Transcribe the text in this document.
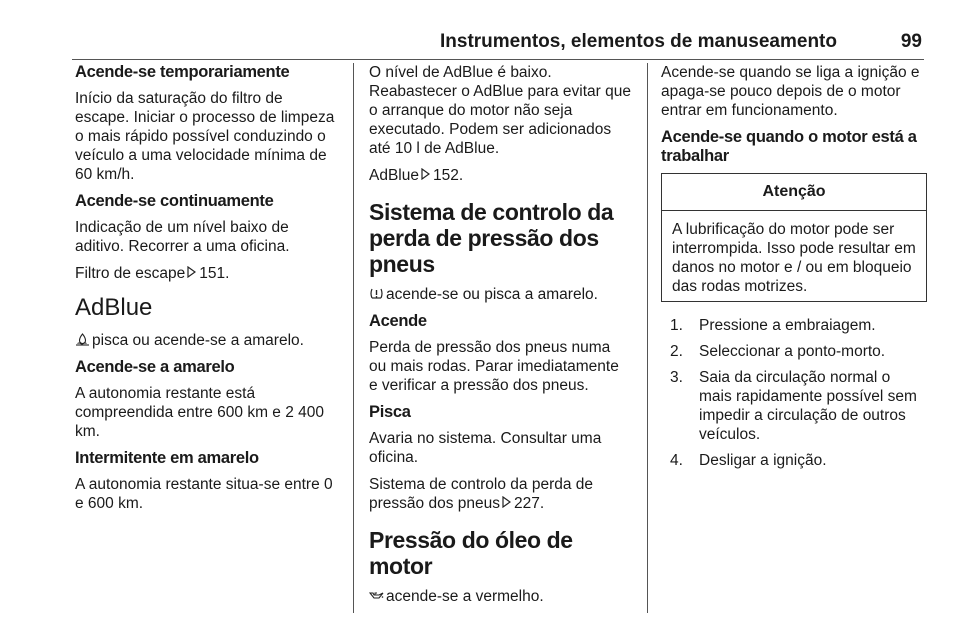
Instrumentos, elementos de manuseamento	99
Acende-se temporariamente

Início da saturação do filtro de escape. Iniciar o processo de limpeza o mais rápido possível conduzindo o veículo a uma velocidade mínima de 60 km/h.

Acende-se continuamente

Indicação de um nível baixo de aditivo. Recorrer a uma oficina.

Filtro de escape 151.

AdBlue

pisca ou acende-se a amarelo.

Acende-se a amarelo

A autonomia restante está compreendida entre 600 km e 2 400 km.

Intermitente em amarelo

A autonomia restante situa-se entre 0 e 600 km.

O nível de AdBlue é baixo. Reabastecer o AdBlue para evitar que o arranque do motor não seja executado. Podem ser adicionados até 10 l de AdBlue.

AdBlue 152.

Sistema de controlo da perda de pressão dos pneus

acende-se ou pisca a amarelo.

Acende

Perda de pressão dos pneus numa ou mais rodas. Parar imediatamente e verificar a pressão dos pneus.

Pisca

Avaria no sistema. Consultar uma oficina.

Sistema de controlo da perda de pressão dos pneus 227.

Pressão do óleo de motor

acende-se a vermelho.

Acende-se quando se liga a ignição e apaga-se pouco depois de o motor entrar em funcionamento.

Acende-se quando o motor está a trabalhar
Atenção

A lubrificação do motor pode ser interrompida. Isso pode resultar em danos no motor e / ou em bloqueio das rodas motrizes.

1.	Pressione a embraiagem.
2.	Seleccionar a ponto-morto.
3.	Saia da circulação normal o mais rapidamente possível sem impedir a circulação de outros veículos.
4.	Desligar a ignição.
